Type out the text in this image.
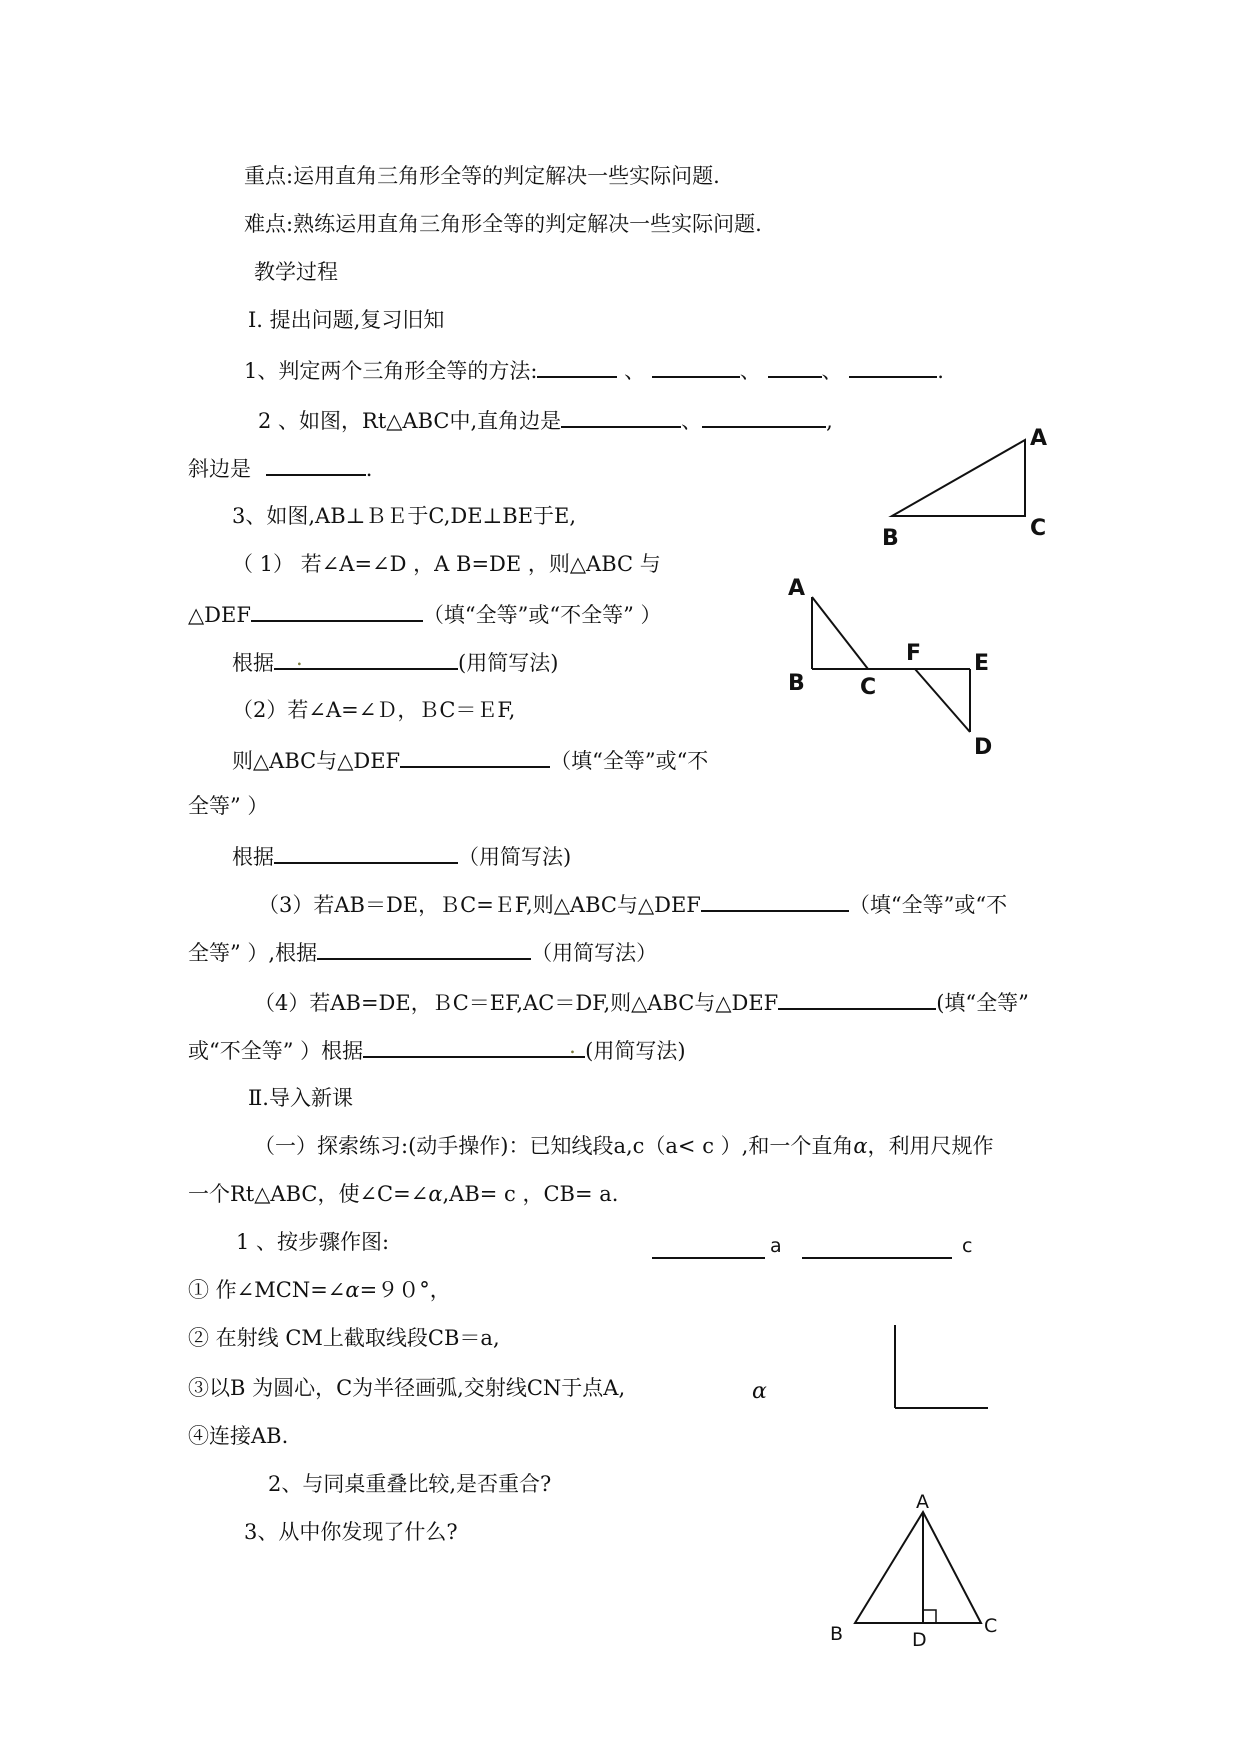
重点:运用直角三角形全等的判定解决一些实际问题.
难点:熟练运用直角三角形全等的判定解决一些实际问题.
教学过程
Ⅰ. 提出问题,复习旧知
1、判定两个三角形全等的方法:	、	、	、	.
2 、如图，Rt△ABC中,直角边是	、	,
斜边是	.
3、如图,AB⊥ＢＥ于C,DE⊥BE于E,
（ 1） 若∠A=∠D ，A B=DE ，则△ABC 与
△DEF	（填“全等”或“不全等” ）
根据 .	(用简写法)
（2）若∠A=∠Ｄ，ＢC＝ＥF,
则△ABC与△DEF	（填“全等”或“不
全等” ）
根据	（用简写法)
（3）若AB＝DE，ＢC=ＥF,则△ABC与△DEF	（填“全等”或“不
全等” ）,根据	（用简写法）
（4）若AB=DE，ＢC＝EF,AC＝DF,则△ABC与△DEF	(填“全等”
或“不全等” ）根据	. (用简写法)
Ⅱ.导入新课
（一）探索练习:(动手操作)：已知线段a,c（a< c ）,和一个直角α，利用尺规作
一个Rt△ABC，使∠C=∠α,AB= c ，CB= a.
1 、按步骤作图:
① 作∠MCN=∠α=９０°，
② 在射线 CM上截取线段CB＝a,
③以B 为圆心，C为半径画弧,交射线CN于点A,
④连接AB.
2、与同桌重叠比较,是否重合?
3、从中你发现了什么?
A
B	C
A
B	C
F E
D
a	c
α
A
B	C
D
